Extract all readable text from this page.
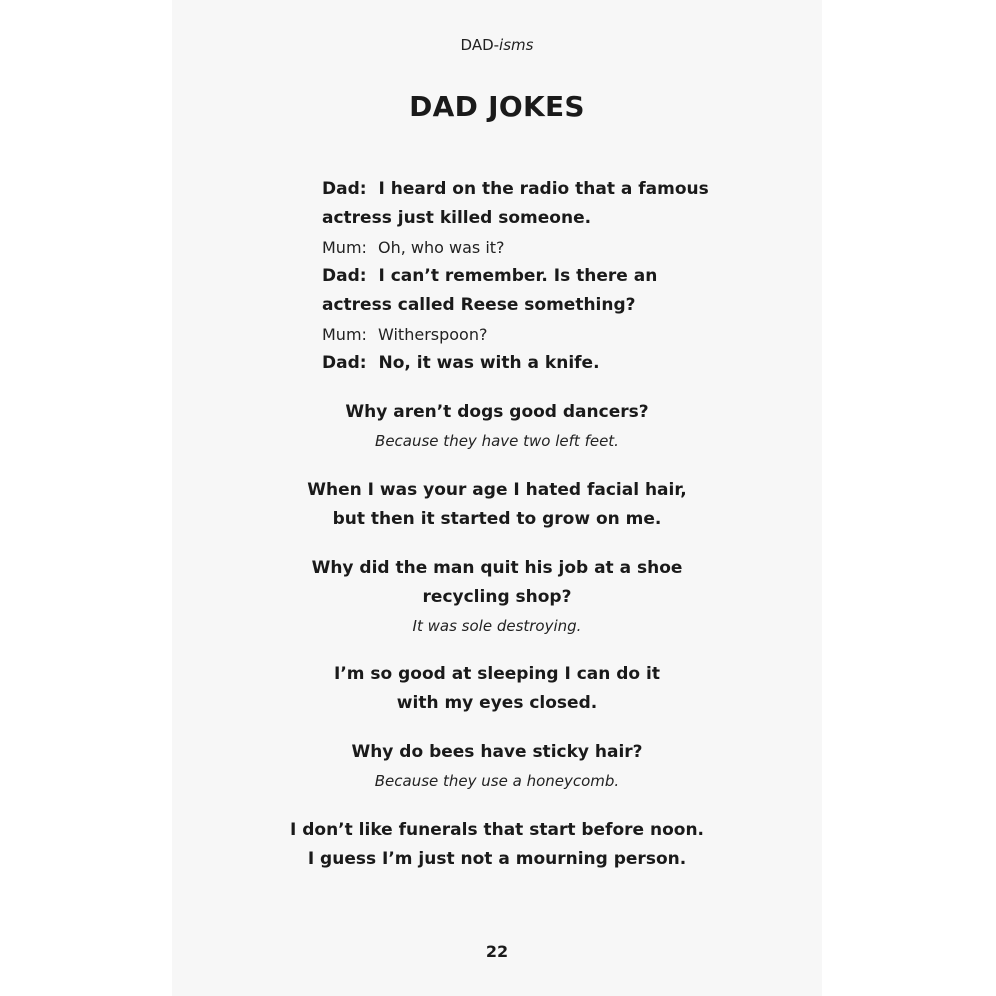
DAD-isms
DAD JOKES
Dad: I heard on the radio that a famous
actress just killed someone.
Mum: Oh, who was it?
Dad: I can’t remember. Is there an
actress called Reese something?
Mum: Witherspoon?
Dad: No, it was with a knife.
Why aren’t dogs good dancers?
Because they have two left feet.
When I was your age I hated facial hair,
but then it started to grow on me.
Why did the man quit his job at a shoe
recycling shop?
It was sole destroying.
I’m so good at sleeping I can do it
with my eyes closed.
Why do bees have sticky hair?
Because they use a honeycomb.
I don’t like funerals that start before noon.
I guess I’m just not a mourning person.
22
